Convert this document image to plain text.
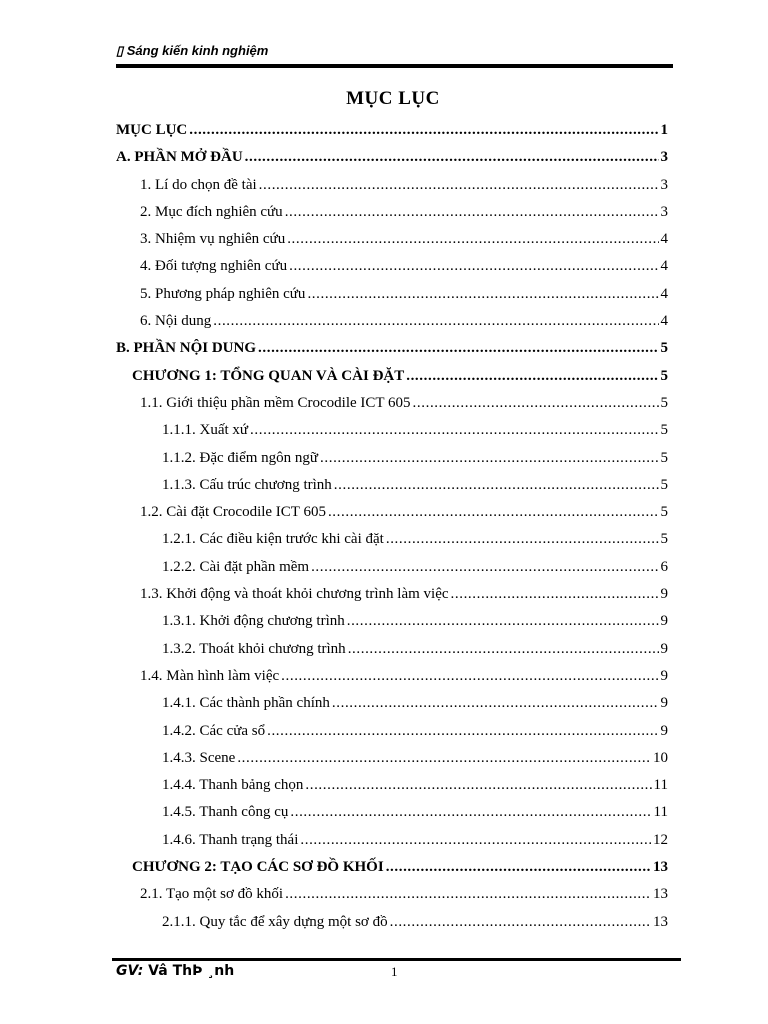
▯ Sáng kiến kinh nghiệm
MỤC LỤC
MỤC LỤC .....	1
A. PHẦN MỞ ĐẦU .....	3
1. Lí do chọn đề tài .....	3
2. Mục đích nghiên cứu .....	3
3. Nhiệm vụ nghiên cứu .....	4
4. Đối tượng nghiên cứu .....	4
5. Phương pháp nghiên cứu .....	4
6. Nội dung .....	4
B. PHẦN NỘI DUNG .....	5
CHƯƠNG 1: TỔNG QUAN VÀ CÀI ĐẶT .....	5
1.1. Giới thiệu phần mềm Crocodile ICT 605 .....	5
1.1.1. Xuất xứ .....	5
1.1.2. Đặc điểm ngôn ngữ .....	5
1.1.3. Cấu trúc chương trình .....	5
1.2. Cài đặt Crocodile ICT 605 .....	5
1.2.1. Các điều kiện trước khi cài đặt .....	5
1.2.2. Cài đặt phần mềm .....	6
1.3. Khởi động và thoát khỏi chương trình làm việc .....	9
1.3.1. Khởi động chương trình .....	9
1.3.2. Thoát khỏi chương trình .....	9
1.4. Màn hình làm việc .....	9
1.4.1. Các thành phần chính .....	9
1.4.2. Các cửa sổ .....	9
1.4.3. Scene .....	10
1.4.4. Thanh bảng chọn .....	11
1.4.5. Thanh công cụ .....	11
1.4.6. Thanh trạng thái .....	12
CHƯƠNG 2: TẠO CÁC SƠ ĐỒ KHỐI .....	13
2.1. Tạo một sơ đồ khối .....	13
2.1.1. Quy tắc để xây dựng một sơ đồ .....	13
GV: Vâ ThÞ ¸nh	1
